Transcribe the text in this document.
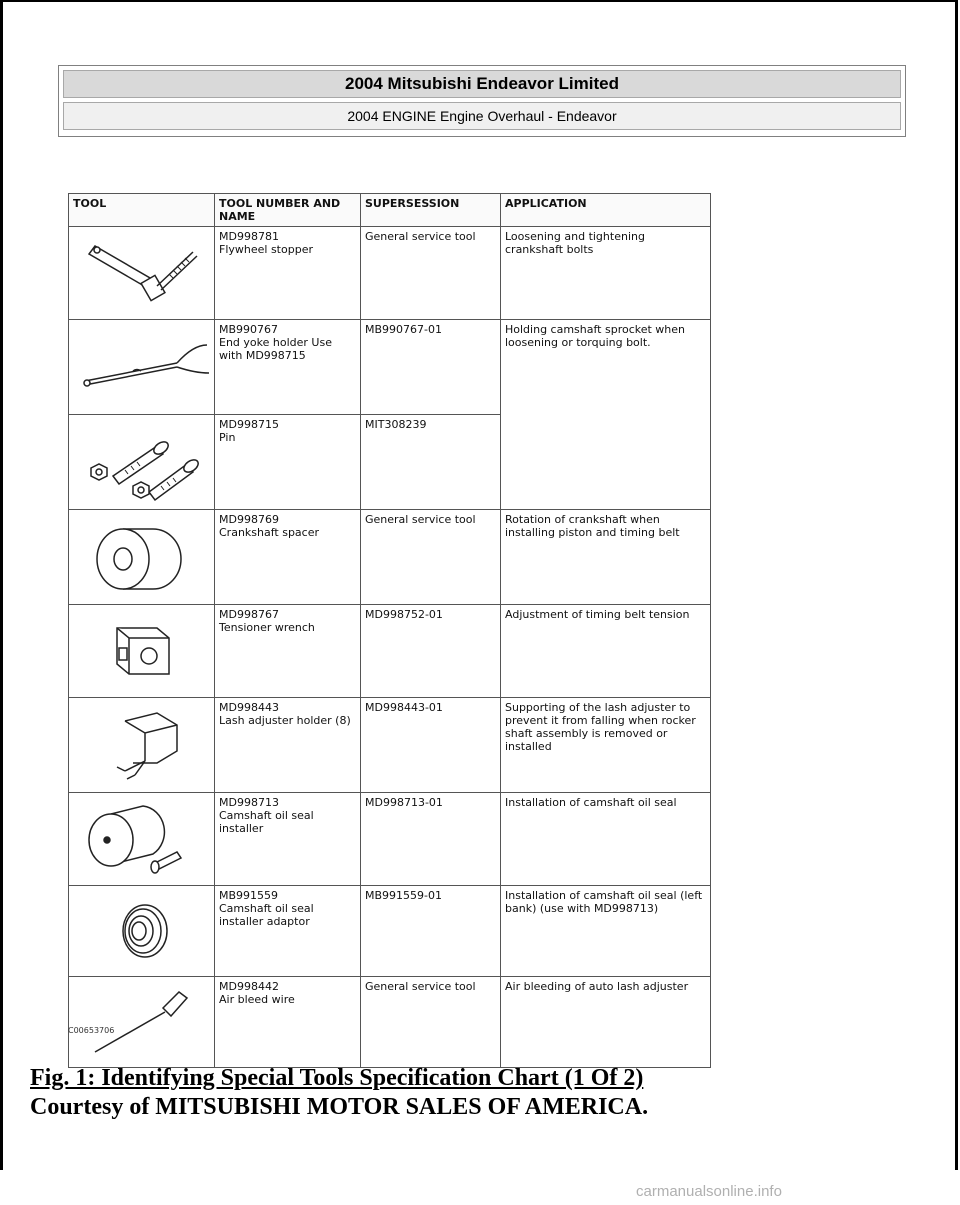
2004 Mitsubishi Endeavor Limited
2004 ENGINE Engine Overhaul - Endeavor
TOOL	TOOL NUMBER AND NAME	SUPERSESSION	APPLICATION

MD998781
Flywheel stopper	General service tool	Loosening and tightening crankshaft bolts

MB990767
End yoke holder Use with MD998715	MB990767-01	Holding camshaft sprocket when loosening or torquing bolt.

MD998715
Pin	MIT308239	

MD998769
Crankshaft spacer	General service tool	Rotation of crankshaft when installing piston and timing belt

MD998767
Tensioner wrench	MD998752-01	Adjustment of timing belt tension

MD998443
Lash adjuster holder (8)	MD998443-01	Supporting of the lash adjuster to prevent it from falling when rocker shaft assembly is removed or installed

MD998713
Camshaft oil seal installer	MD998713-01	Installation of camshaft oil seal

MB991559
Camshaft oil seal installer adaptor	MB991559-01	Installation of camshaft oil seal (left bank) (use with MD998713)

MD998442
Air bleed wire	General service tool	Air bleeding of auto lash adjuster
C00653706
Fig. 1: Identifying Special Tools Specification Chart (1 Of 2)
Courtesy of MITSUBISHI MOTOR SALES OF AMERICA.
carmanualsonline.info
